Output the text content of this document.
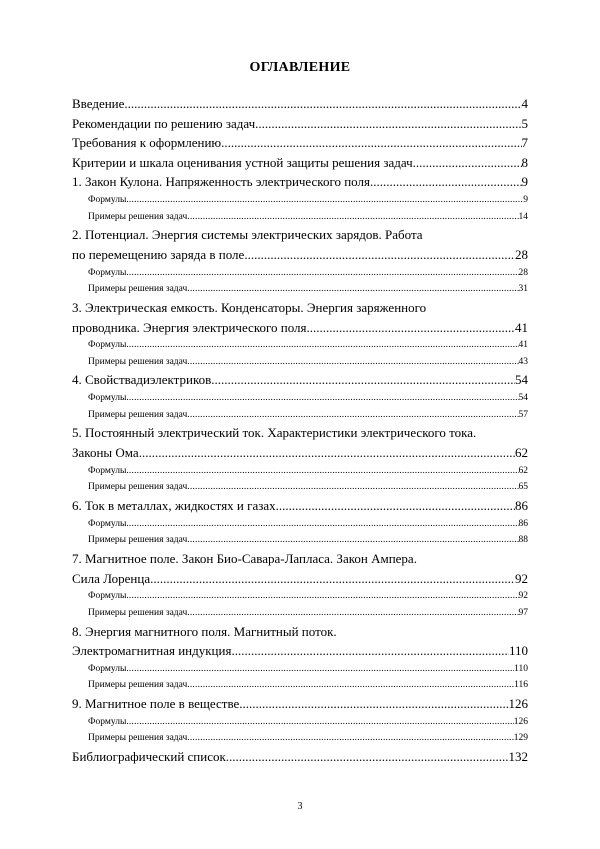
ОГЛАВЛЕНИЕ
Введение .....	4
Рекомендации по решению задач .....	5
Требования к оформлению .....	7
Критерии и шкала оценивания устной защиты решения задач .....	8
1. Закон Кулона. Напряженность электрического поля .....	9
Формулы .....	9
Примеры решения задач .....	14
2. Потенциал. Энергия системы электрических зарядов. Работа
по перемещению заряда в поле .....	28
Формулы .....	28
Примеры решения задач .....	31
3. Электрическая емкость. Конденсаторы. Энергия заряженного
проводника. Энергия электрического поля .....	41
Формулы .....	41
Примеры решения задач .....	43
4. Свойствадиэлектриков .....	54
Формулы .....	54
Примеры решения задач .....	57
5. Постоянный электрический ток. Характеристики электрического тока.
Законы Ома .....	62
Формулы .....	62
Примеры решения задач .....	65
6. Ток в металлах, жидкостях и газах .....	86
Формулы .....	86
Примеры решения задач .....	88
7. Магнитное поле. Закон Био-Савара-Лапласа. Закон Ампера.
Сила Лоренца .....	92
Формулы .....	92
Примеры решения задач .....	97
8. Энергия магнитного поля. Магнитный поток.
Электромагнитная индукция .....	110
Формулы .....	110
Примеры решения задач .....	116
9. Магнитное поле в веществе .....	126
Формулы .....	126
Примеры решения задач .....	129
Библиографический список .....	132
3
